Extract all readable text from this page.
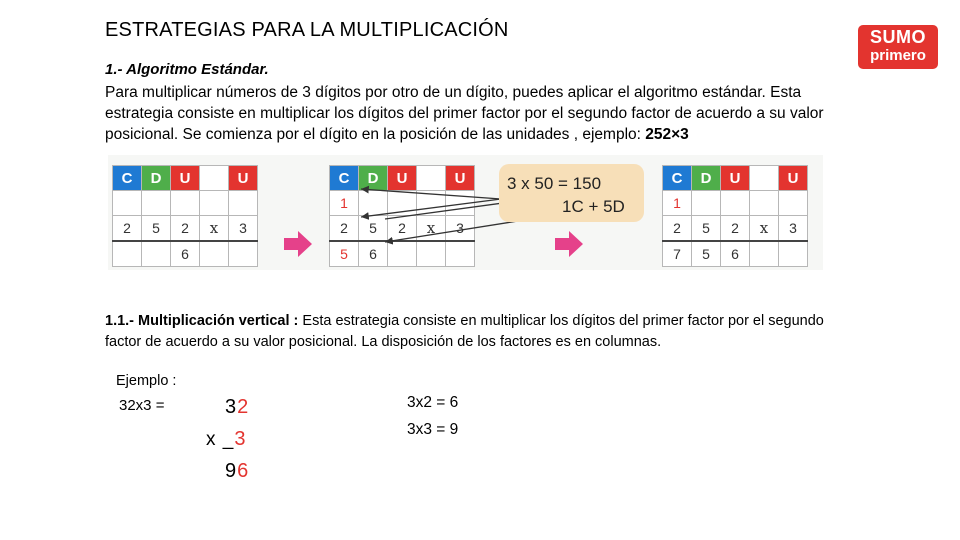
ESTRATEGIAS PARA LA MULTIPLICACIÓN	SUMO
primero
1.- Algoritmo Estándar.
Para multiplicar números de 3 dígitos por otro de un dígito, puedes aplicar el algoritmo estándar. Esta estrategia consiste en multiplicar los dígitos del primer factor por el segundo factor de acuerdo a su valor posicional. Se comienza por el dígito en la posición de las unidades , ejemplo: 252×3
C	D	U		U

2	5	2	x	3
		6		
C	D	U		U
1				
2	5	2	x	3
5	6			
3 x 50 = 150
1C + 5D
C	D	U		U
1				
2	5	2	x	3
7	5	6		
1.1.- Multiplicación vertical : Esta estrategia consiste en multiplicar los dígitos del primer factor por el segundo factor de acuerdo a su valor posicional. La disposición de los factores es en columnas.
Ejemplo :
32x3 =	32
x _3
96
3x2 = 6
3x3 = 9
